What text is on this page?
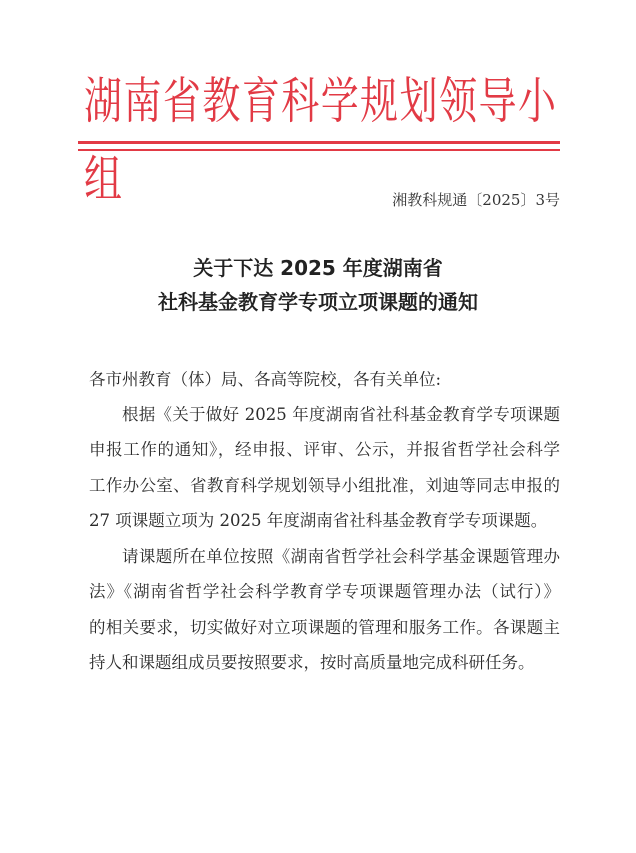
湖南省教育科学规划领导小组	湘教科规通〔2025〕3号
关于下达 2025 年度湖南省
社科基金教育学专项立项课题的通知
各市州教育（体）局、各高等院校，各有关单位:
根据《关于做好 2025 年度湖南省社科基金教育学专项课题
申报工作的通知》，经申报、评审、公示，并报省哲学社会科学
工作办公室、省教育科学规划领导小组批准，刘迪等同志申报的
27 项课题立项为 2025 年度湖南省社科基金教育学专项课题。
请课题所在单位按照《湖南省哲学社会科学基金课题管理办
法》《湖南省哲学社会科学教育学专项课题管理办法（试行）》
的相关要求，切实做好对立项课题的管理和服务工作。各课题主
持人和课题组成员要按照要求，按时高质量地完成科研任务。
